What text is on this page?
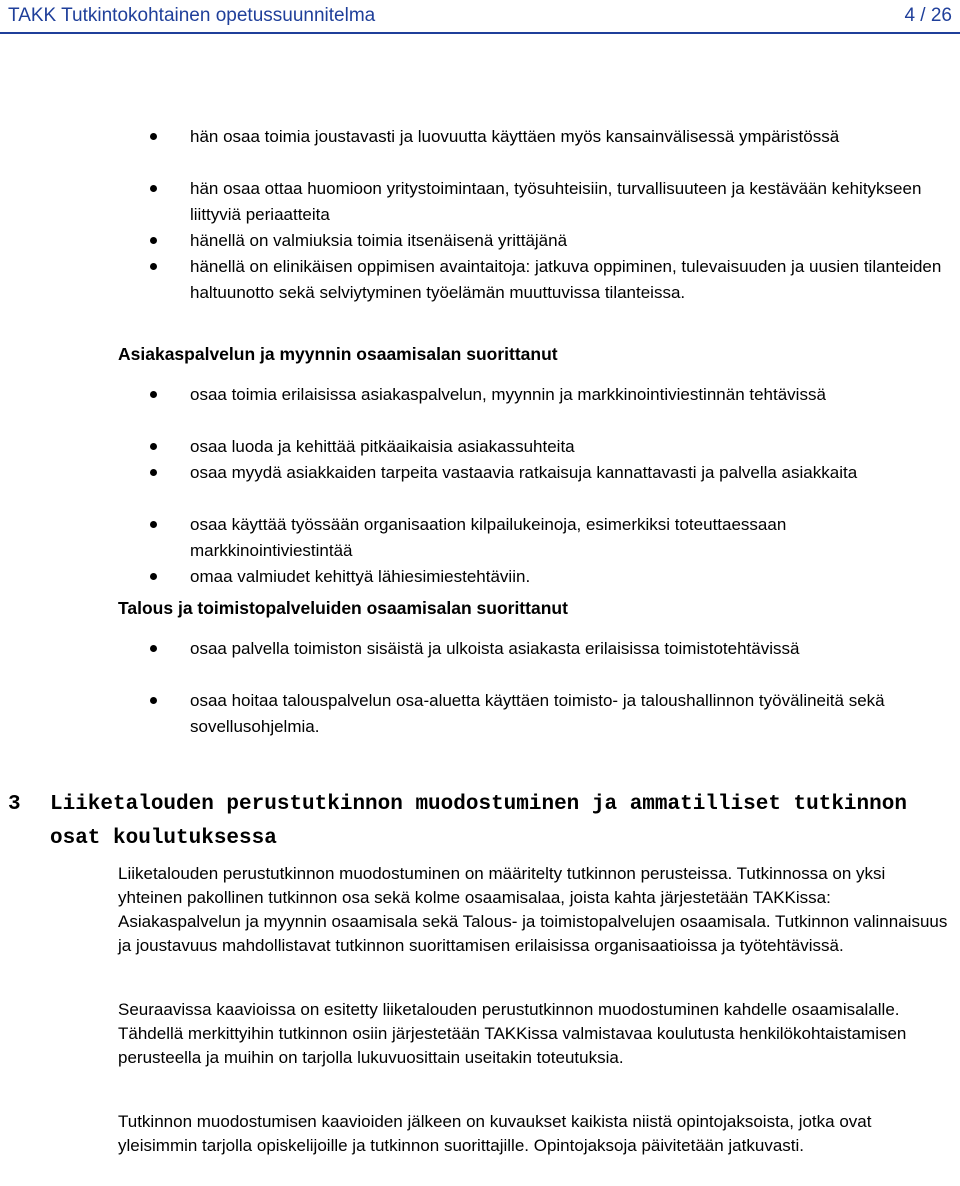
TAKK Tutkintokohtainen opetussuunnitelma	4 / 26
hän osaa toimia joustavasti ja luovuutta käyttäen myös kansainvälisessä ympäristössä
hän osaa ottaa huomioon yritystoimintaan, työsuhteisiin, turvallisuuteen ja kestävään kehitykseen liittyviä periaatteita
hänellä on valmiuksia toimia itsenäisenä yrittäjänä
hänellä on elinikäisen oppimisen avaintaitoja: jatkuva oppiminen, tulevaisuuden ja uusien tilanteiden haltuunotto sekä selviytyminen työelämän muuttuvissa tilanteissa.
Asiakaspalvelun ja myynnin osaamisalan suorittanut
osaa toimia erilaisissa asiakaspalvelun, myynnin ja markkinointiviestinnän tehtävissä
osaa luoda ja kehittää pitkäaikaisia asiakassuhteita
osaa myydä asiakkaiden tarpeita vastaavia ratkaisuja kannattavasti ja palvella asiakkaita
osaa käyttää työssään organisaation kilpailukeinoja, esimerkiksi toteuttaessaan markkinointiviestintää
omaa valmiudet kehittyä lähiesimiestehtäviin.
Talous ja toimistopalveluiden osaamisalan suorittanut
osaa palvella toimiston sisäistä ja ulkoista asiakasta erilaisissa toimistotehtävissä
osaa hoitaa talouspalvelun osa-aluetta käyttäen toimisto- ja taloushallinnon työvälineitä sekä sovellusohjelmia.
3 Liiketalouden perustutkinnon muodostuminen ja ammatilliset tutkinnon osat koulutuksessa

Liiketalouden perustutkinnon muodostuminen on määritelty tutkinnon perusteissa. Tutkinnossa on yksi yhteinen pakollinen tutkinnon osa sekä kolme osaamisalaa, joista kahta järjestetään TAKKissa: Asiakaspalvelun ja myynnin osaamisala sekä Talous- ja toimistopalvelujen osaamisala. Tutkinnon valinnaisuus ja joustavuus mahdollistavat tutkinnon suorittamisen erilaisissa organisaatioissa ja työtehtävissä.

Seuraavissa kaavioissa on esitetty liiketalouden perustutkinnon muodostuminen kahdelle osaamisalalle. Tähdellä merkittyihin tutkinnon osiin järjestetään TAKKissa valmistavaa koulutusta henkilökohtaistamisen perusteella ja muihin on tarjolla lukuvuosittain useitakin toteutuksia.

Tutkinnon muodostumisen kaavioiden jälkeen on kuvaukset kaikista niistä opintojaksoista, jotka ovat yleisimmin tarjolla opiskelijoille ja tutkinnon suorittajille. Opintojaksoja päivitetään jatkuvasti.
